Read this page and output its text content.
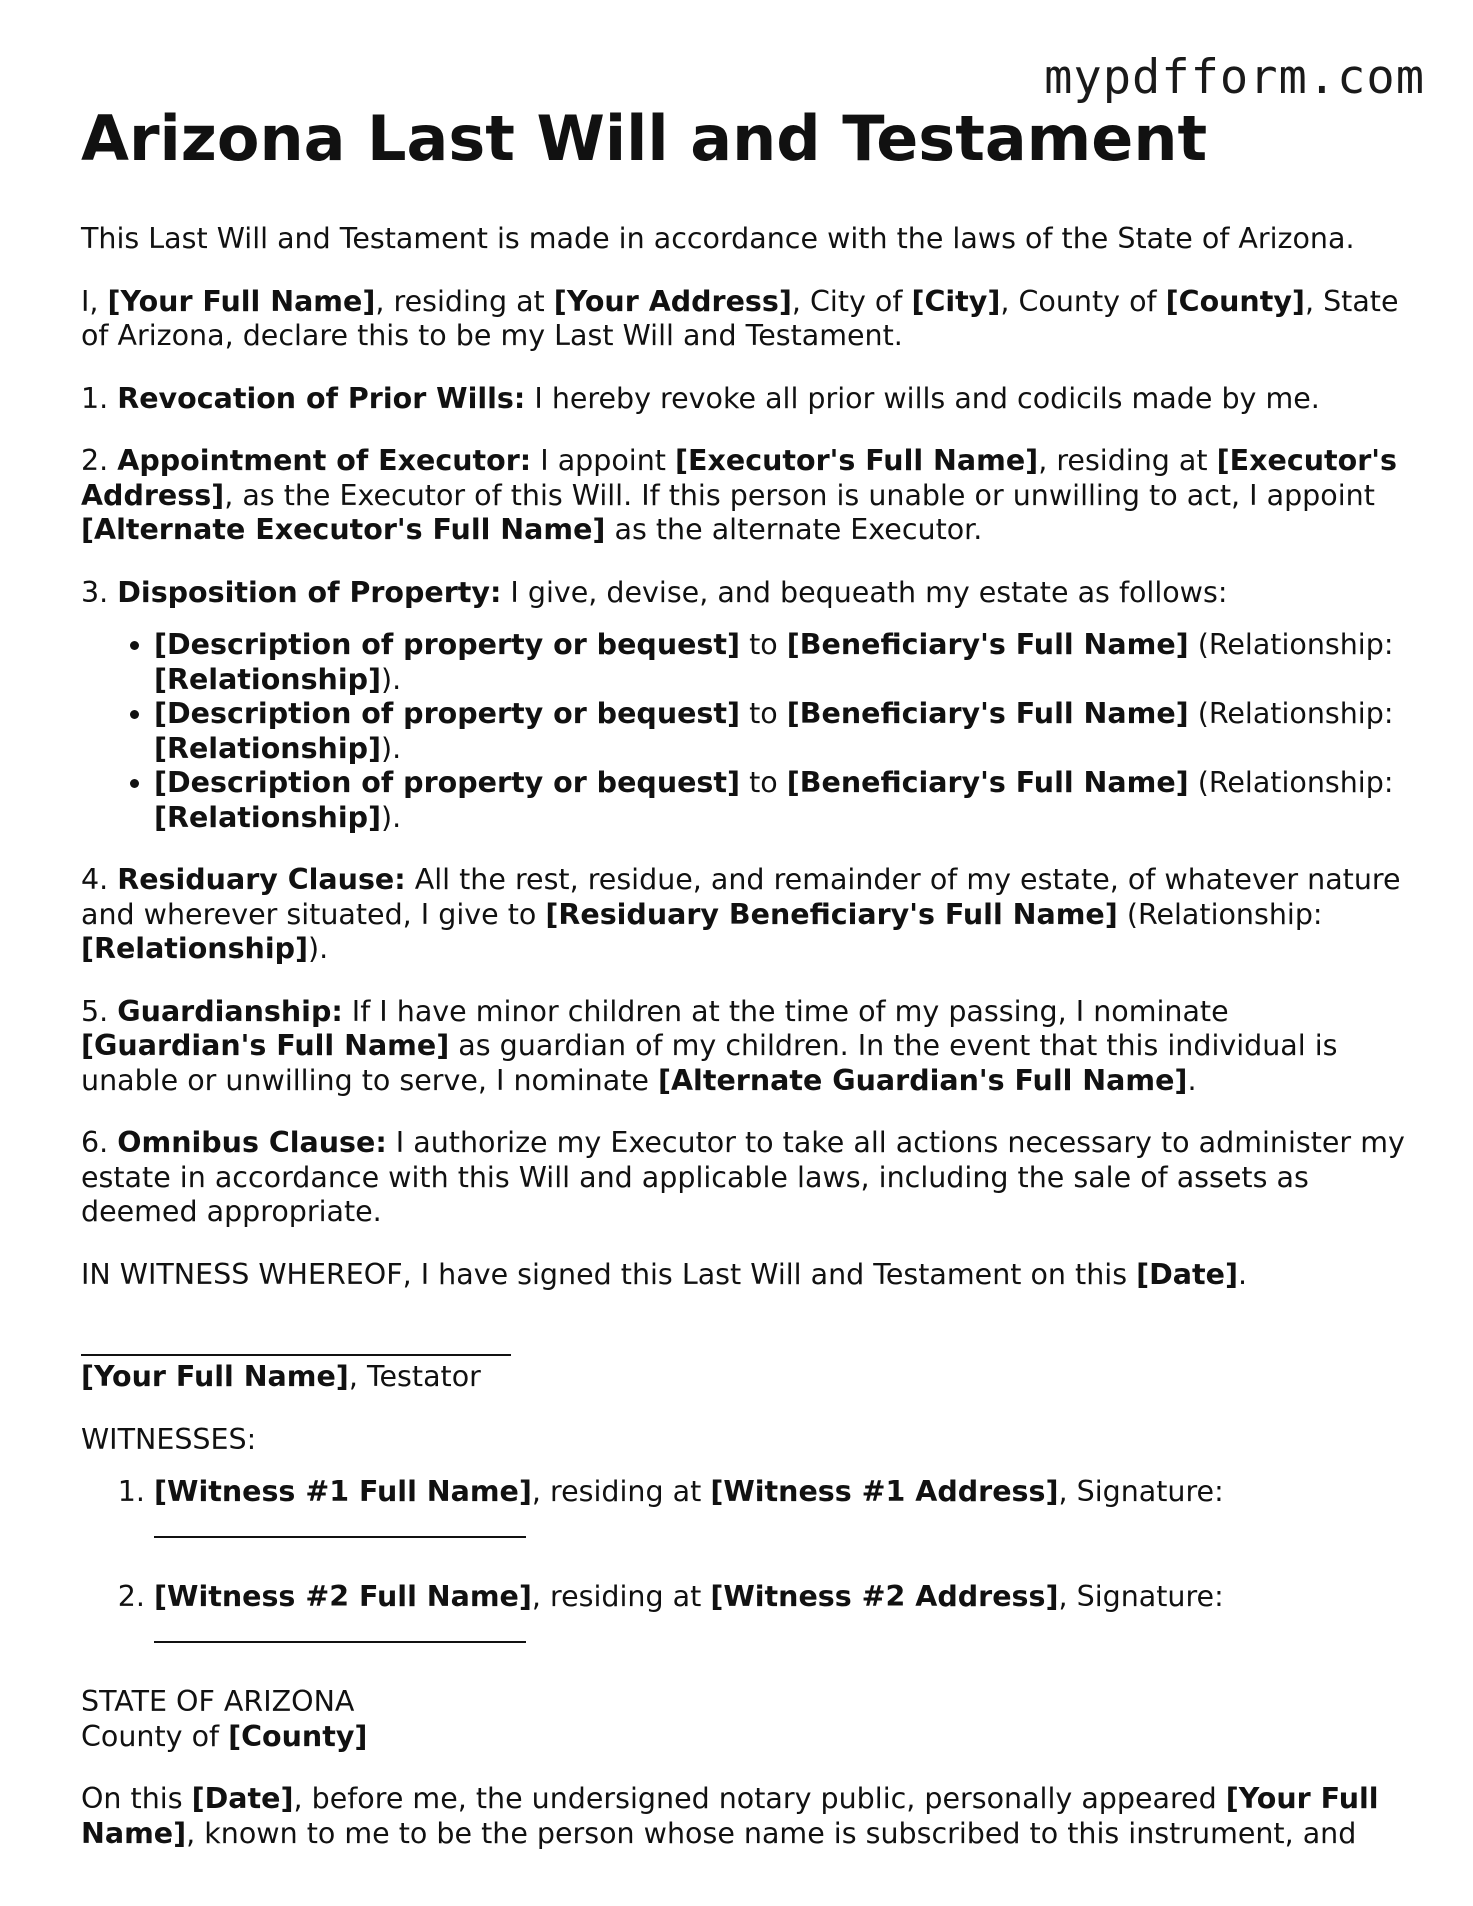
mypdfform.com
Arizona Last Will and Testament

This Last Will and Testament is made in accordance with the laws of the State of Arizona.

I, [Your Full Name], residing at [Your Address], City of [City], County of [County], State of Arizona, declare this to be my Last Will and Testament.

1. Revocation of Prior Wills: I hereby revoke all prior wills and codicils made by me.

2. Appointment of Executor: I appoint [Executor's Full Name], residing at [Executor's Address], as the Executor of this Will. If this person is unable or unwilling to act, I appoint [Alternate Executor's Full Name] as the alternate Executor.

3. Disposition of Property: I give, devise, and bequeath my estate as follows:

• [Description of property or bequest] to [Beneficiary's Full Name] (Relationship: [Relationship]).
• [Description of property or bequest] to [Beneficiary's Full Name] (Relationship: [Relationship]).
• [Description of property or bequest] to [Beneficiary's Full Name] (Relationship: [Relationship]).

4. Residuary Clause: All the rest, residue, and remainder of my estate, of whatever nature and wherever situated, I give to [Residuary Beneficiary's Full Name] (Relationship: [Relationship]).

5. Guardianship: If I have minor children at the time of my passing, I nominate [Guardian's Full Name] as guardian of my children. In the event that this individual is unable or unwilling to serve, I nominate [Alternate Guardian's Full Name].

6. Omnibus Clause: I authorize my Executor to take all actions necessary to administer my estate in accordance with this Will and applicable laws, including the sale of assets as deemed appropriate.

IN WITNESS WHEREOF, I have signed this Last Will and Testament on this [Date].

[Your Full Name], Testator

WITNESSES:

1. [Witness #1 Full Name], residing at [Witness #1 Address], Signature:
2. [Witness #2 Full Name], residing at [Witness #2 Address], Signature:

STATE OF ARIZONA
County of [County]

On this [Date], before me, the undersigned notary public, personally appeared [Your Full Name], known to me to be the person whose name is subscribed to this instrument, and
